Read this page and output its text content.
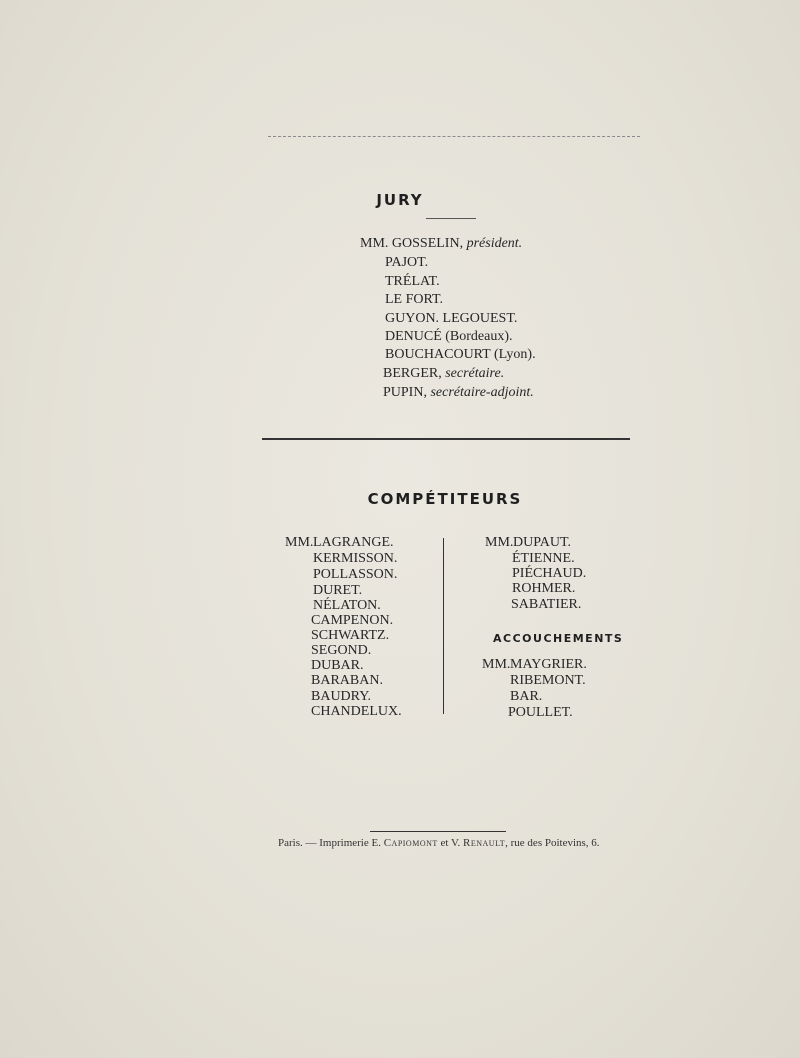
JURY
MM. GOSSELIN, président.
PAJOT.
TRÉLAT.
LE FORT.
GUYON. LEGOUEST.
DENUCÉ (Bordeaux).
BOUCHACOURT (Lyon).
BERGER, secrétaire.
PUPIN, secrétaire-adjoint.
COMPÉTITEURS
MM. LAGRANGE.
KERMISSON.
POLLASSON.
DURET.
NÉLATON.
CAMPENON.
SCHWARTZ.
SEGOND.
DUBAR.
BARABAN.
BAUDRY.
CHANDELUX.
MM. DUPAUT.
ÉTIENNE.
PIÉCHAUD.
ROHMER.
SABATIER.
ACCOUCHEMENTS
MM. MAYGRIER.
RIBEMONT.
BAR.
POULLET.
Paris. — Imprimerie E. Capiomont et V. Renault, rue des Poitevins, 6.
